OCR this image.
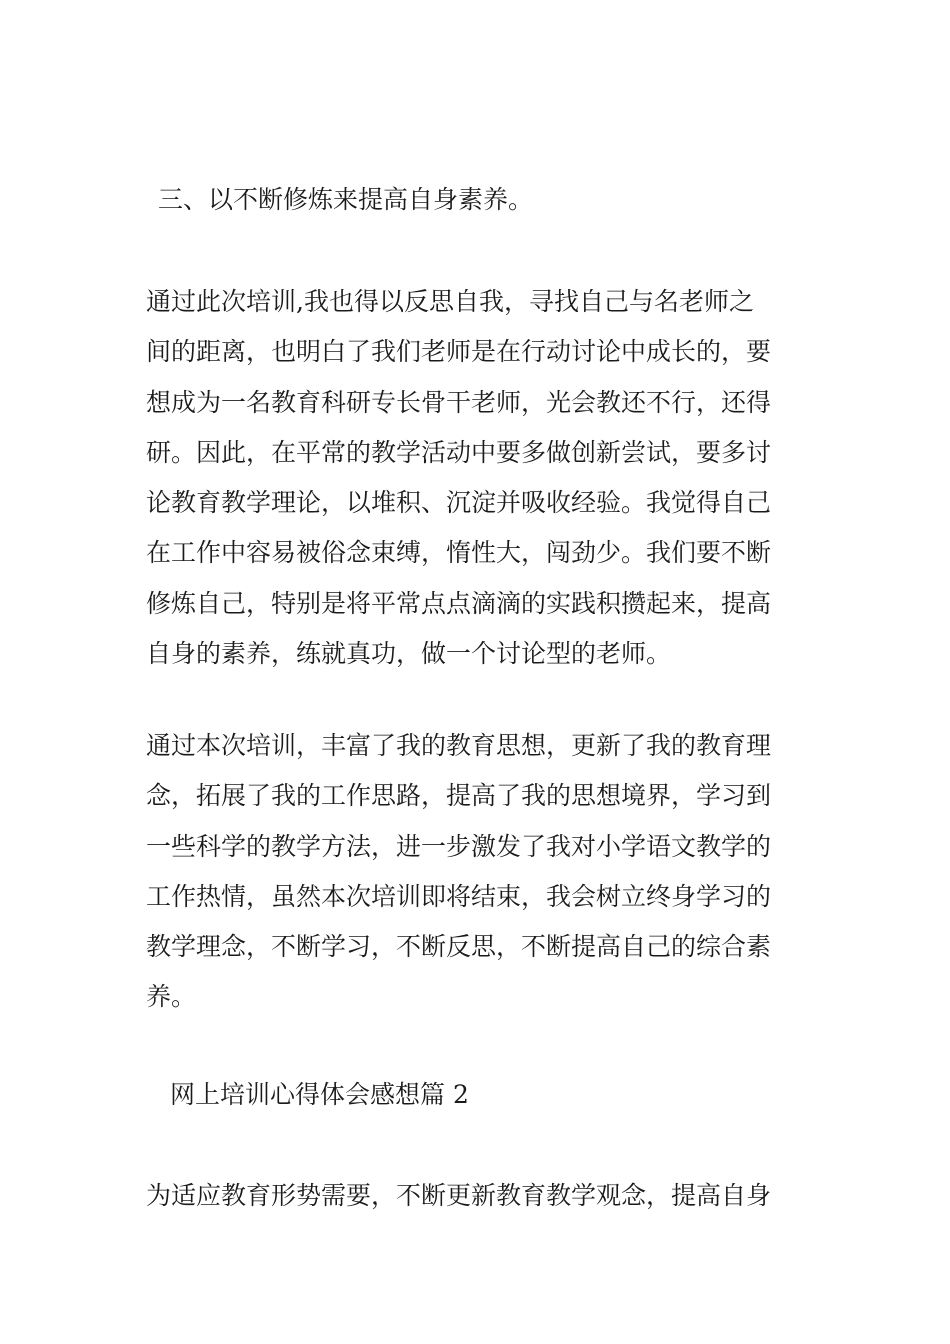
三、以不断修炼来提高自身素养。
通过此次培训,我也得以反思自我，寻找自己与名老师之
间的距离，也明白了我们老师是在行动讨论中成长的，要
想成为一名教育科研专长骨干老师，光会教还不行，还得
研。因此，在平常的教学活动中要多做创新尝试，要多讨
论教育教学理论，以堆积、沉淀并吸收经验。我觉得自己
在工作中容易被俗念束缚，惰性大，闯劲少。我们要不断
修炼自己，特别是将平常点点滴滴的实践积攒起来，提高
自身的素养，练就真功，做一个讨论型的老师。
通过本次培训，丰富了我的教育思想，更新了我的教育理
念，拓展了我的工作思路，提高了我的思想境界，学习到
一些科学的教学方法，进一步激发了我对小学语文教学的
工作热情，虽然本次培训即将结束，我会树立终身学习的
教学理念，不断学习，不断反思，不断提高自己的综合素
养。
网上培训心得体会感想篇 2
为适应教育形势需要，不断更新教育教学观念，提高自身
